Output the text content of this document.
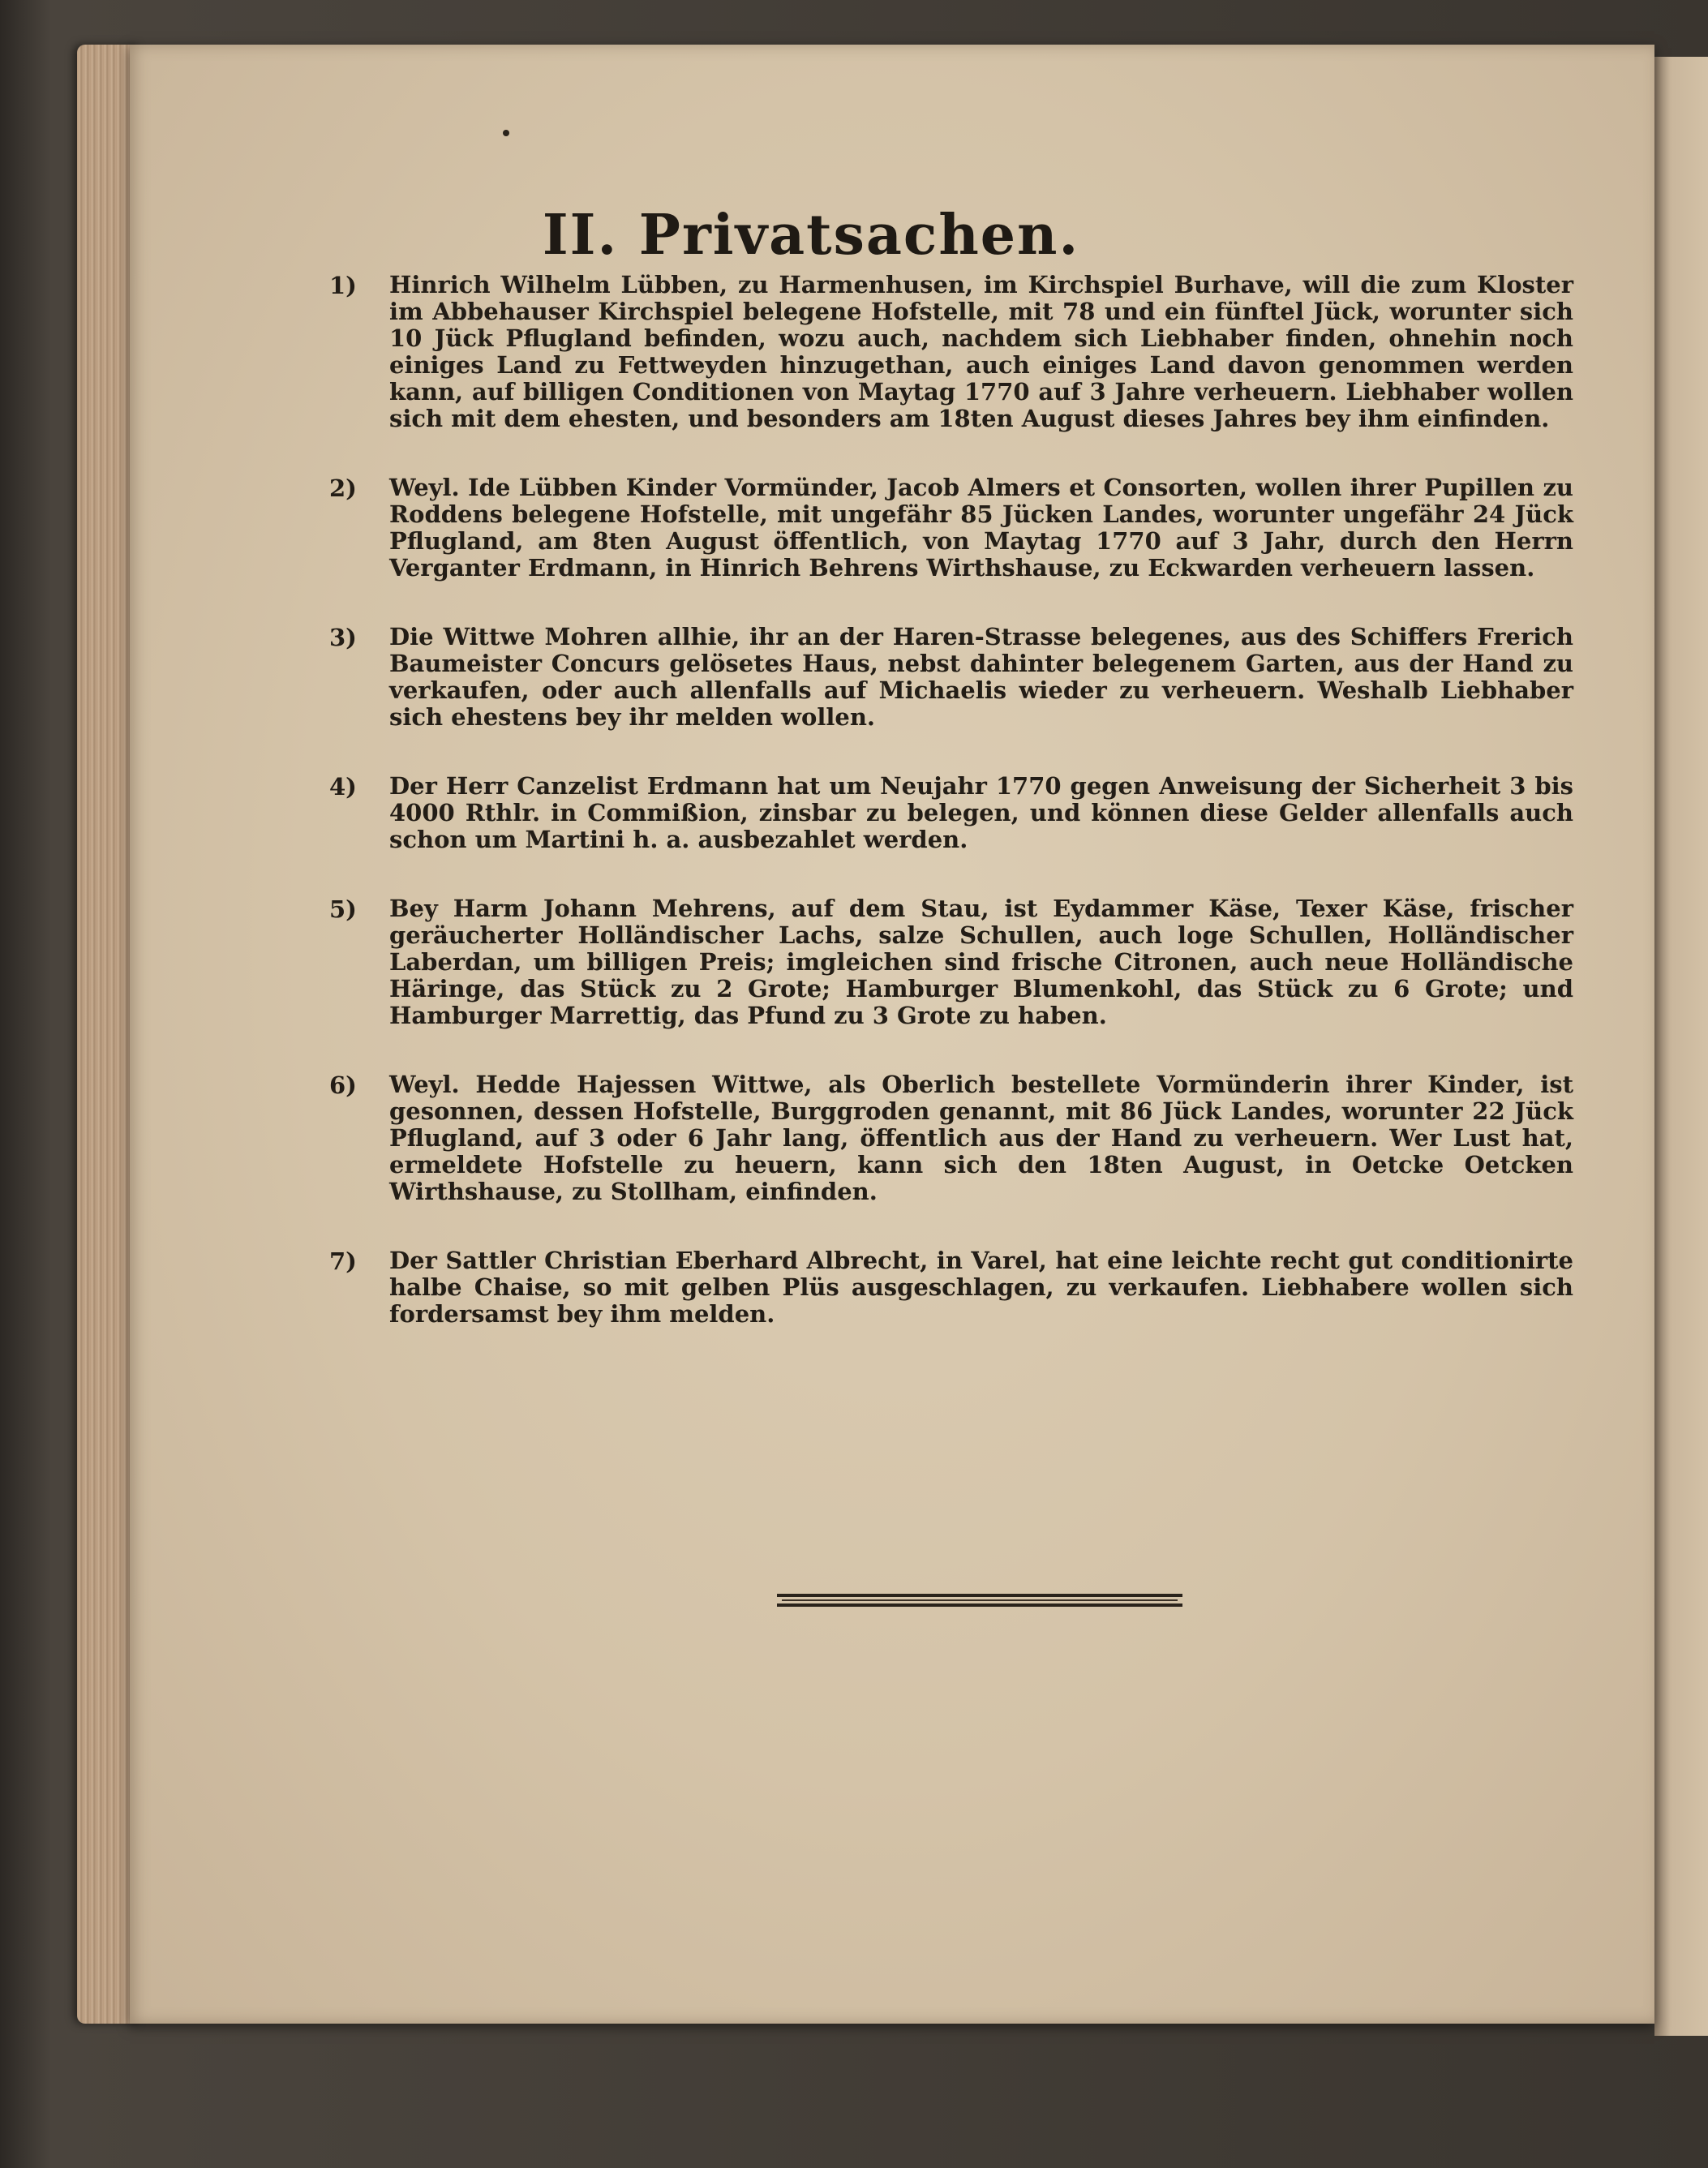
II. Privatsachen.
1) Hinrich Wilhelm Lübben, zu Harmenhusen, im Kirchspiel Burhave, will die zum Kloster im Abbehauser Kirchspiel belegene Hofstelle, mit 78 und ein fünftel Jück, worunter sich 10 Jück Pflugland befinden, wozu auch, nachdem sich Liebhaber finden, ohnehin noch einiges Land zu Fettweyden hinzugethan, auch einiges Land davon genommen werden kann, auf billigen Conditionen von Maytag 1770 auf 3 Jahre verheuern. Liebhaber wollen sich mit dem ehesten, und besonders am 18ten August dieses Jahres bey ihm einfinden.

2) Weyl. Ide Lübben Kinder Vormünder, Jacob Almers et Consorten, wollen ihrer Pupillen zu Roddens belegene Hofstelle, mit ungefähr 85 Jücken Landes, worunter ungefähr 24 Jück Pflugland, am 8ten August öffentlich, von Maytag 1770 auf 3 Jahr, durch den Herrn Verganter Erdmann, in Hinrich Behrens Wirthshause, zu Eckwarden verheuern lassen.

3) Die Wittwe Mohren allhie, ihr an der Haren-Strasse belegenes, aus des Schiffers Frerich Baumeister Concurs gelösetes Haus, nebst dahinter belegenem Garten, aus der Hand zu verkaufen, oder auch allenfalls auf Michaelis wieder zu verheuern. Weshalb Liebhaber sich ehestens bey ihr melden wollen.

4) Der Herr Canzelist Erdmann hat um Neujahr 1770 gegen Anweisung der Sicherheit 3 bis 4000 Rthlr. in Commißion, zinsbar zu belegen, und können diese Gelder allenfalls auch schon um Martini h. a. ausbezahlet werden.

5) Bey Harm Johann Mehrens, auf dem Stau, ist Eydammer Käse, Texer Käse, frischer geräucherter Holländischer Lachs, salze Schullen, auch loge Schullen, Holländischer Laberdan, um billigen Preis; imgleichen sind frische Citronen, auch neue Holländische Häringe, das Stück zu 2 Grote; Hamburger Blumenkohl, das Stück zu 6 Grote; und Hamburger Marrettig, das Pfund zu 3 Grote zu haben.

6) Weyl. Hedde Hajessen Wittwe, als Oberlich bestellete Vormünderin ihrer Kinder, ist gesonnen, dessen Hofstelle, Burggroden genannt, mit 86 Jück Landes, worunter 22 Jück Pflugland, auf 3 oder 6 Jahr lang, öffentlich aus der Hand zu verheuern. Wer Lust hat, ermeldete Hofstelle zu heuern, kann sich den 18ten August, in Oetcke Oetcken Wirthshause, zu Stollham, einfinden.

7) Der Sattler Christian Eberhard Albrecht, in Varel, hat eine leichte recht gut conditionirte halbe Chaise, so mit gelben Plüs ausgeschlagen, zu verkaufen. Liebhabere wollen sich fordersamst bey ihm melden.
